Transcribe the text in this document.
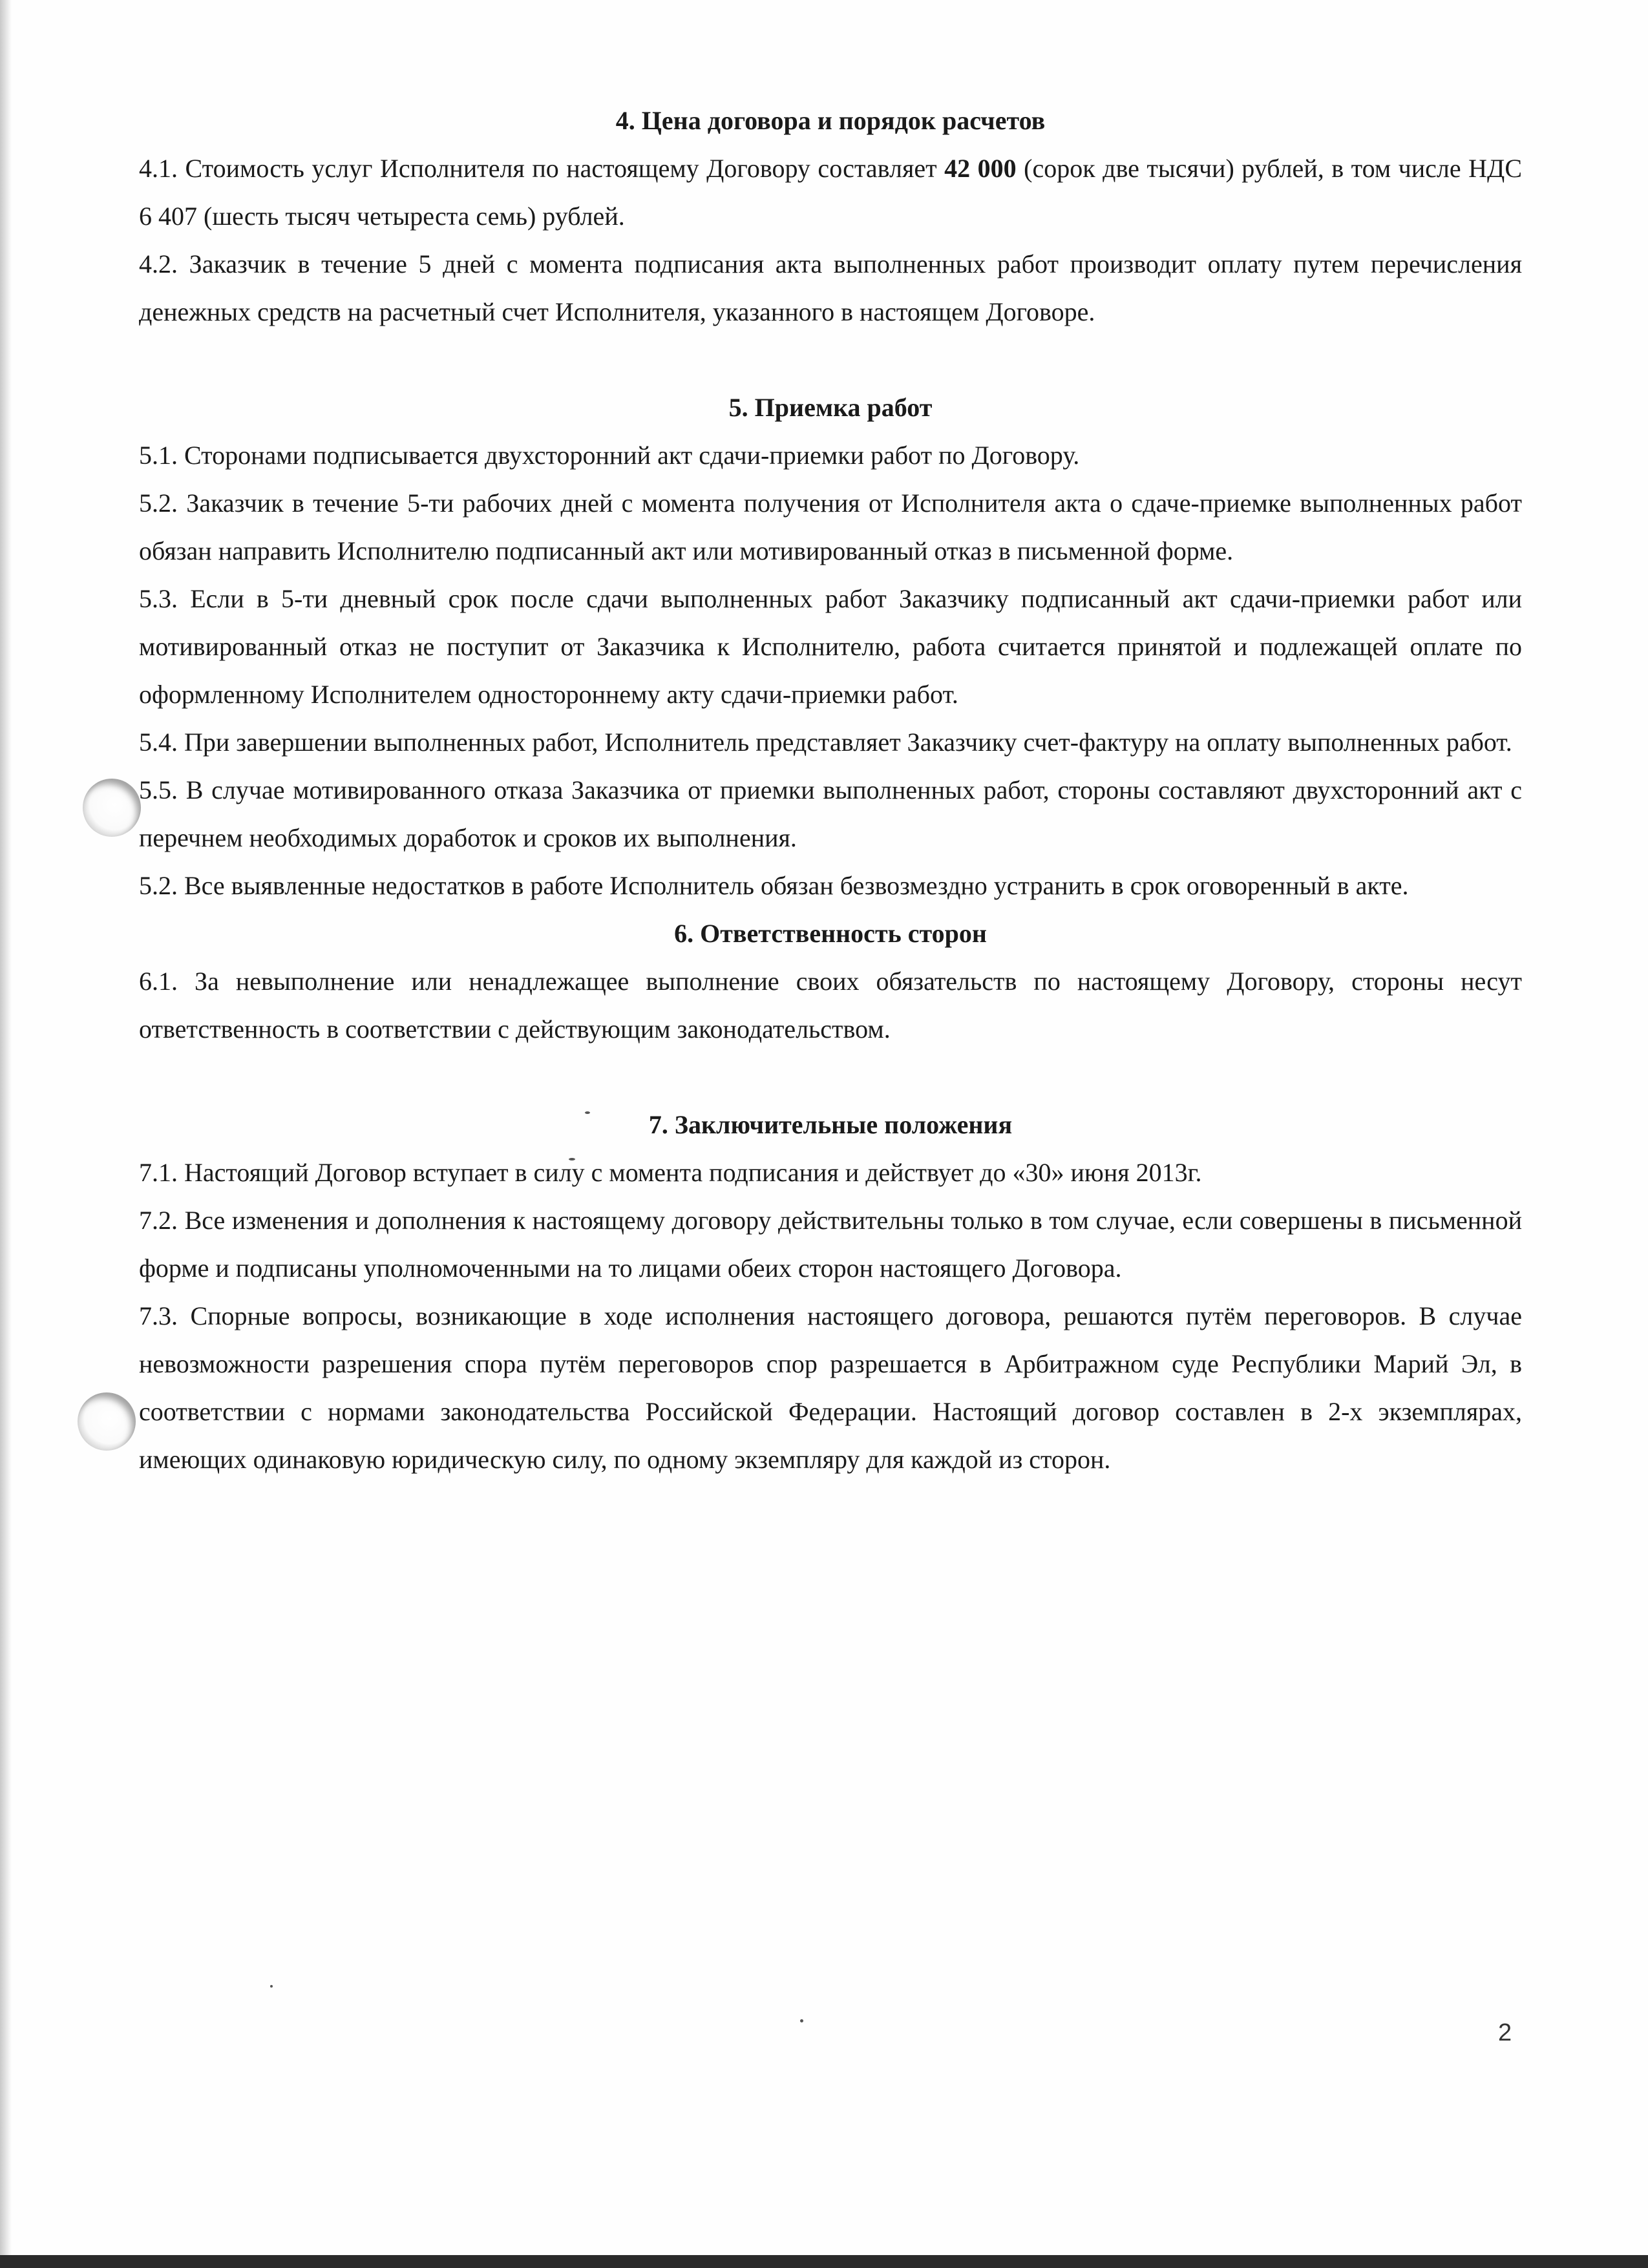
4. Цена договора и порядок расчетов

4.1. Стоимость услуг Исполнителя по настоящему Договору составляет 42 000 (сорок две тысячи) рублей, в том числе НДС 6 407 (шесть тысяч четыреста семь) рублей.

4.2. Заказчик в течение 5 дней с момента подписания акта выполненных работ производит оплату путем перечисления денежных средств на расчетный счет Исполнителя, указанного в настоящем Договоре.

5. Приемка работ

5.1. Сторонами подписывается двухсторонний акт сдачи-приемки работ по Договору.

5.2. Заказчик в течение 5-ти рабочих дней с момента получения от Исполнителя акта о сдаче-приемке выполненных работ обязан направить Исполнителю подписанный акт или мотивированный отказ в письменной форме.

5.3. Если в 5-ти дневный срок после сдачи выполненных работ Заказчику подписанный акт сдачи-приемки работ или мотивированный отказ не поступит от Заказчика к Исполнителю, работа считается принятой и подлежащей оплате по оформленному Исполнителем одностороннему акту сдачи-приемки работ.

5.4. При завершении выполненных работ, Исполнитель представляет Заказчику счет-фактуру на оплату выполненных работ.

5.5. В случае мотивированного отказа Заказчика от приемки выполненных работ, стороны составляют двухсторонний акт с перечнем необходимых доработок и сроков их выполнения.

5.2. Все выявленные недостатков в работе Исполнитель обязан безвозмездно устранить в срок оговоренный в акте.

6. Ответственность сторон

6.1. За невыполнение или ненадлежащее выполнение своих обязательств по настоящему Договору, стороны несут ответственность в соответствии с действующим законодательством.

7. Заключительные положения

7.1. Настоящий Договор вступает в силу с момента подписания и действует до «30» июня 2013г.

7.2. Все изменения и дополнения к настоящему договору действительны только в том случае, если совершены в письменной форме и подписаны уполномоченными на то лицами обеих сторон настоящего Договора.

7.3. Спорные вопросы, возникающие в ходе исполнения настоящего договора, решаются путём переговоров. В случае невозможности разрешения спора путём переговоров спор разрешается в Арбитражном суде Республики Марий Эл, в соответствии с нормами законодательства Российской Федерации. Настоящий договор составлен в 2-х экземплярах, имеющих одинаковую юридическую силу, по одному экземпляру для каждой из сторон.

2
